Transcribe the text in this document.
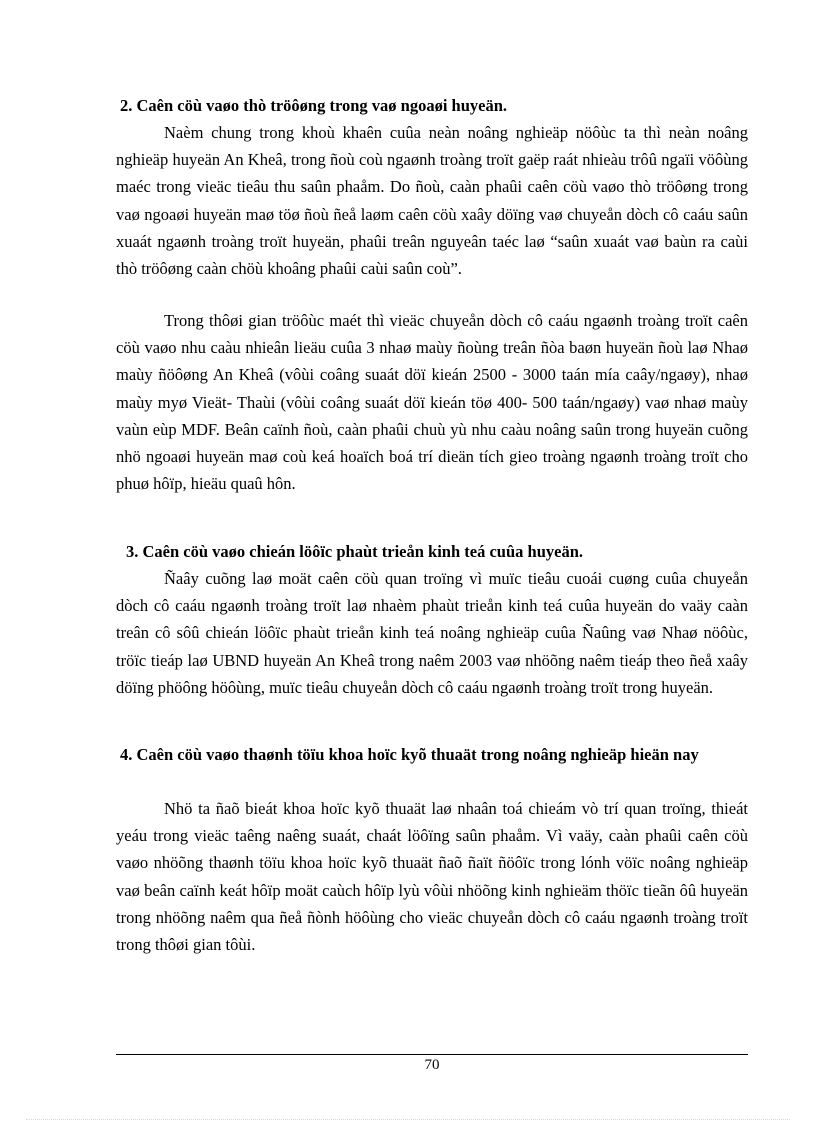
2. Caên cöù vaøo thò tröôøng trong vaø ngoaøi huyeän.

Naèm chung trong khoù khaên cuûa neàn noâng nghieäp nöôùc ta thì neàn noâng nghieäp huyeän An Kheâ, trong ñoù coù ngaønh troàng troït gaëp raát nhieàu trôû ngaïi vöôùng maéc trong vieäc tieâu thu saûn phaåm. Do ñoù, caàn phaûi caên cöù vaøo thò tröôøng trong vaø ngoaøi huyeän maø töø ñoù ñeå laøm caên cöù xaây döïng vaø chuyeån dòch cô caáu saûn xuaát ngaønh troàng troït huyeän, phaûi treân nguyeân taéc laø “saûn xuaát vaø baùn ra caùi thò tröôøng caàn chöù khoâng phaûi caùi saûn coù”.

Trong thôøi gian tröôùc maét thì vieäc chuyeån dòch cô caáu ngaønh troàng troït caên cöù vaøo nhu caàu nhieân lieäu cuûa 3 nhaø maùy ñoùng treân ñòa baøn huyeän ñoù laø Nhaø maùy ñöôøng An Kheâ (vôùi coâng suaát döï kieán 2500 - 3000 taán mía caây/ngaøy), nhaø maùy myø Vieät- Thaùi (vôùi coâng suaát döï kieán töø 400- 500 taán/ngaøy) vaø nhaø maùy vaùn eùp MDF. Beân caïnh ñoù, caàn phaûi chuù yù nhu caàu noâng saûn trong huyeän cuõng nhö ngoaøi huyeän maø coù keá hoaïch boá trí dieän tích gieo troàng ngaønh troàng troït cho phuø hôïp, hieäu quaû hôn.

3. Caên cöù vaøo chieán löôïc phaùt trieån kinh teá cuûa huyeän.

Ñaây cuõng laø moät caên cöù quan troïng vì muïc tieâu cuoái cuøng cuûa chuyeån dòch cô caáu ngaønh troàng troït laø nhaèm phaùt trieån kinh teá cuûa huyeän do vaäy caàn treân cô sôû chieán löôïc phaùt trieån kinh teá noâng nghieäp cuûa Ñaûng vaø Nhaø nöôùc, tröïc tieáp laø UBND huyeän An Kheâ trong naêm 2003 vaø nhöõng naêm tieáp theo ñeå xaây döïng phöông höôùng, muïc tieâu chuyeån dòch cô caáu ngaønh troàng troït trong huyeän.

4. Caên cöù vaøo thaønh töïu khoa hoïc kyõ thuaät trong noâng nghieäp hieän nay

Nhö ta ñaõ bieát khoa hoïc kyõ thuaät laø nhaân toá chieám vò trí quan troïng, thieát yeáu trong vieäc taêng naêng suaát, chaát löôïng saûn phaåm. Vì vaäy, caàn phaûi caên cöù vaøo nhöõng thaønh töïu khoa hoïc kyõ thuaät ñaõ ñaït ñöôïc trong lónh vöïc noâng nghieäp vaø beân caïnh keát hôïp moät caùch hôïp lyù vôùi nhöõng kinh nghieäm thöïc tieãn ôû huyeän trong nhöõng naêm qua ñeå ñònh höôùng cho vieäc chuyeån dòch cô caáu ngaønh troàng troït trong thôøi gian tôùi.

70
